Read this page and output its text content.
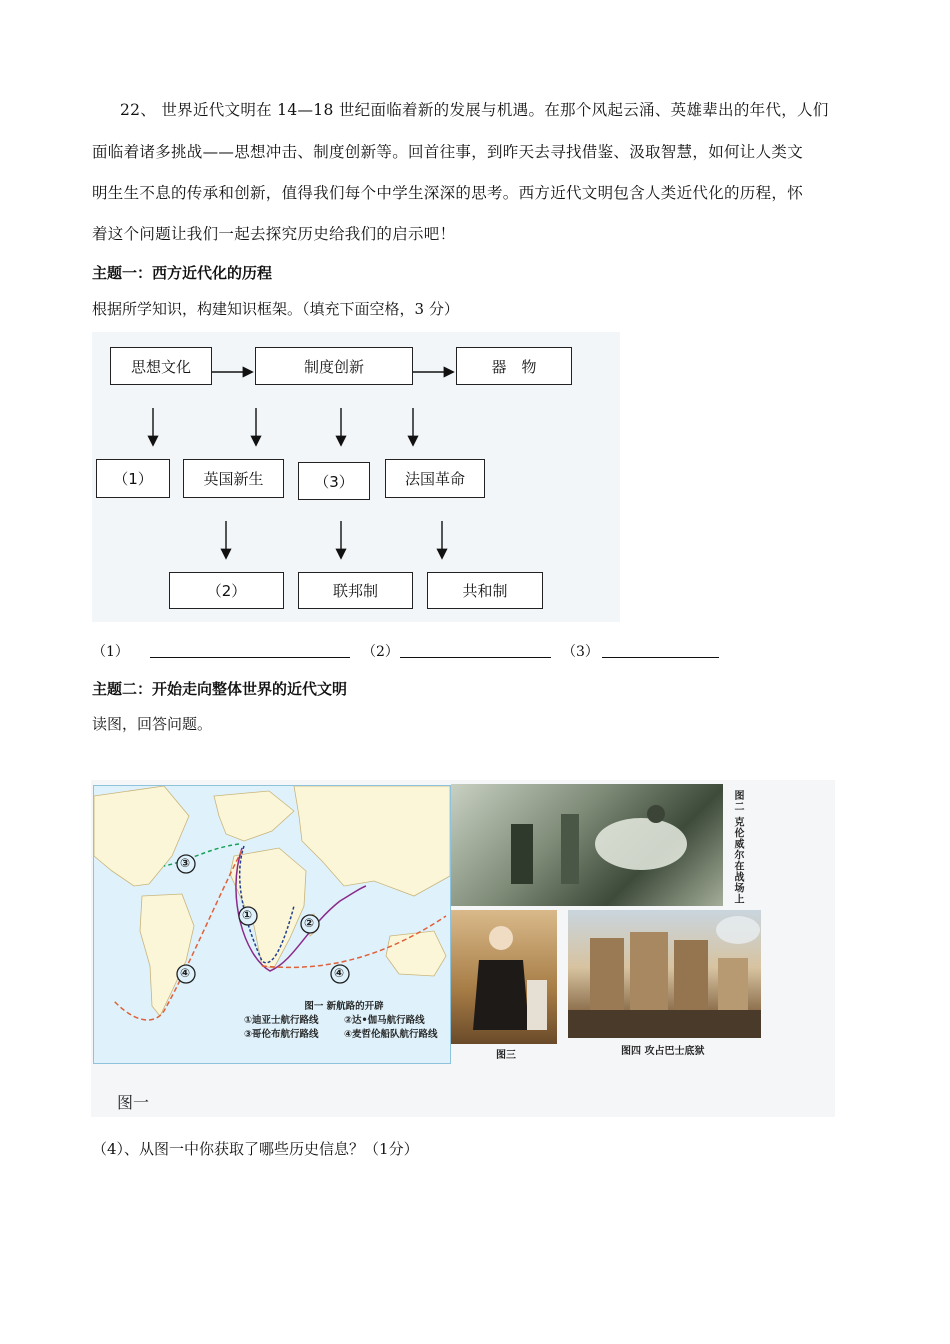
22、 世界近代文明在 14—18 世纪面临着新的发展与机遇。在那个风起云涌、英雄辈出的年代，人们
面临着诸多挑战——思想冲击、制度创新等。回首往事，到昨天去寻找借鉴、汲取智慧，如何让人类文
明生生不息的传承和创新，值得我们每个中学生深深的思考。西方近代文明包含人类近代化的历程，怀
着这个问题让我们一起去探究历史给我们的启示吧！
主题一：西方近代化的历程
根据所学知识，构建知识框架。（填充下面空格，3 分）
思想文化	制度创新	器　物
（1）	英国新生	（3）	法国革命
（2）	联邦制	共和制
（1）	（2）	（3）
主题二：开始走向整体世界的近代文明
读图，回答问题。
图一 新航路的开辟
①迪亚士航行路线	②达•伽马航行路线
③哥伦布航行路线	④麦哲伦船队航行路线
①
②
③
④	④
图二 克伦威尔在战场上
图三	图四 攻占巴士底狱
图一
（4）、从图一中你获取了哪些历史信息？（1分）
